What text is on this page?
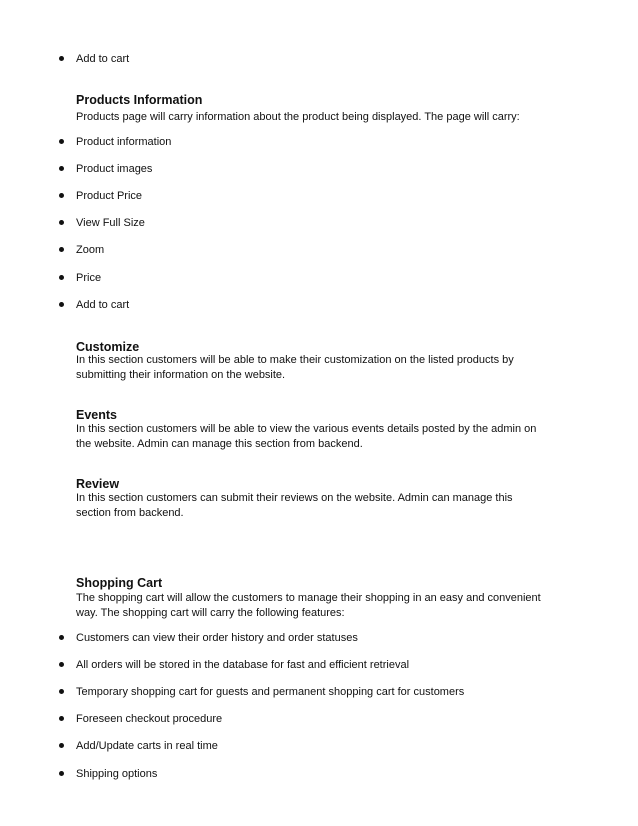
Add to cart
Products Information
Products page will carry information about the product being displayed. The page will carry:
Product information
Product images
Product Price
View Full Size
Zoom
Price
Add to cart
Customize
In this section customers will be able to make their customization on the listed products by
submitting their information on the website.
Events
In this section customers will be able to view the various events details posted by the admin on
the website. Admin can manage this section from backend.
Review
In this section customers can submit their reviews on the website. Admin can manage this
section from backend.
Shopping Cart
The shopping cart will allow the customers to manage their shopping in an easy and convenient
way. The shopping cart will carry the following features:
Customers can view their order history and order statuses
All orders will be stored in the database for fast and efficient retrieval
Temporary shopping cart for guests and permanent shopping cart for customers
Foreseen checkout procedure
Add/Update carts in real time
Shipping options
